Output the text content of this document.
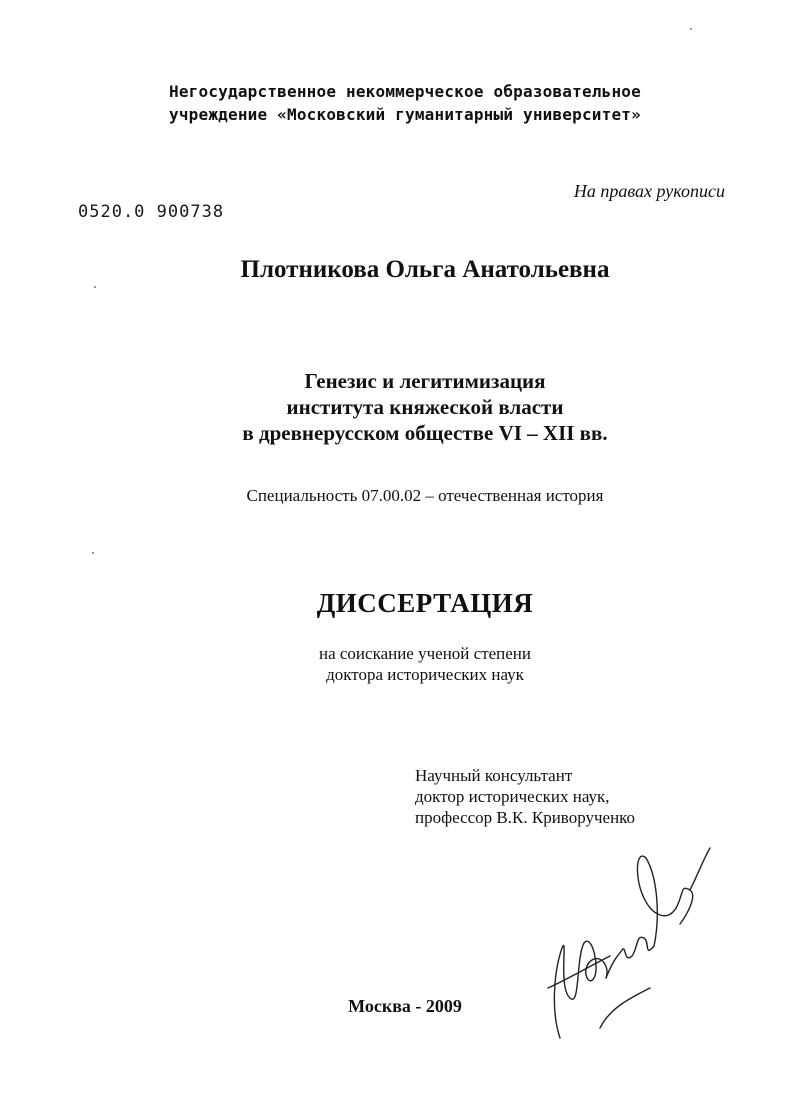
Негосударственное некоммерческое образовательное
учреждение «Московский гуманитарный университет»
На правах рукописи
0520.0 900738
Плотникова Ольга Анатольевна
Генезис и легитимизация
института княжеской власти
в древнерусском обществе VI – XII вв.
Специальность 07.00.02 – отечественная история
ДИССЕРТАЦИЯ
на соискание ученой степени
доктора исторических наук
Научный консультант
доктор исторических наук,
профессор В.К. Криворученко
Москва - 2009
